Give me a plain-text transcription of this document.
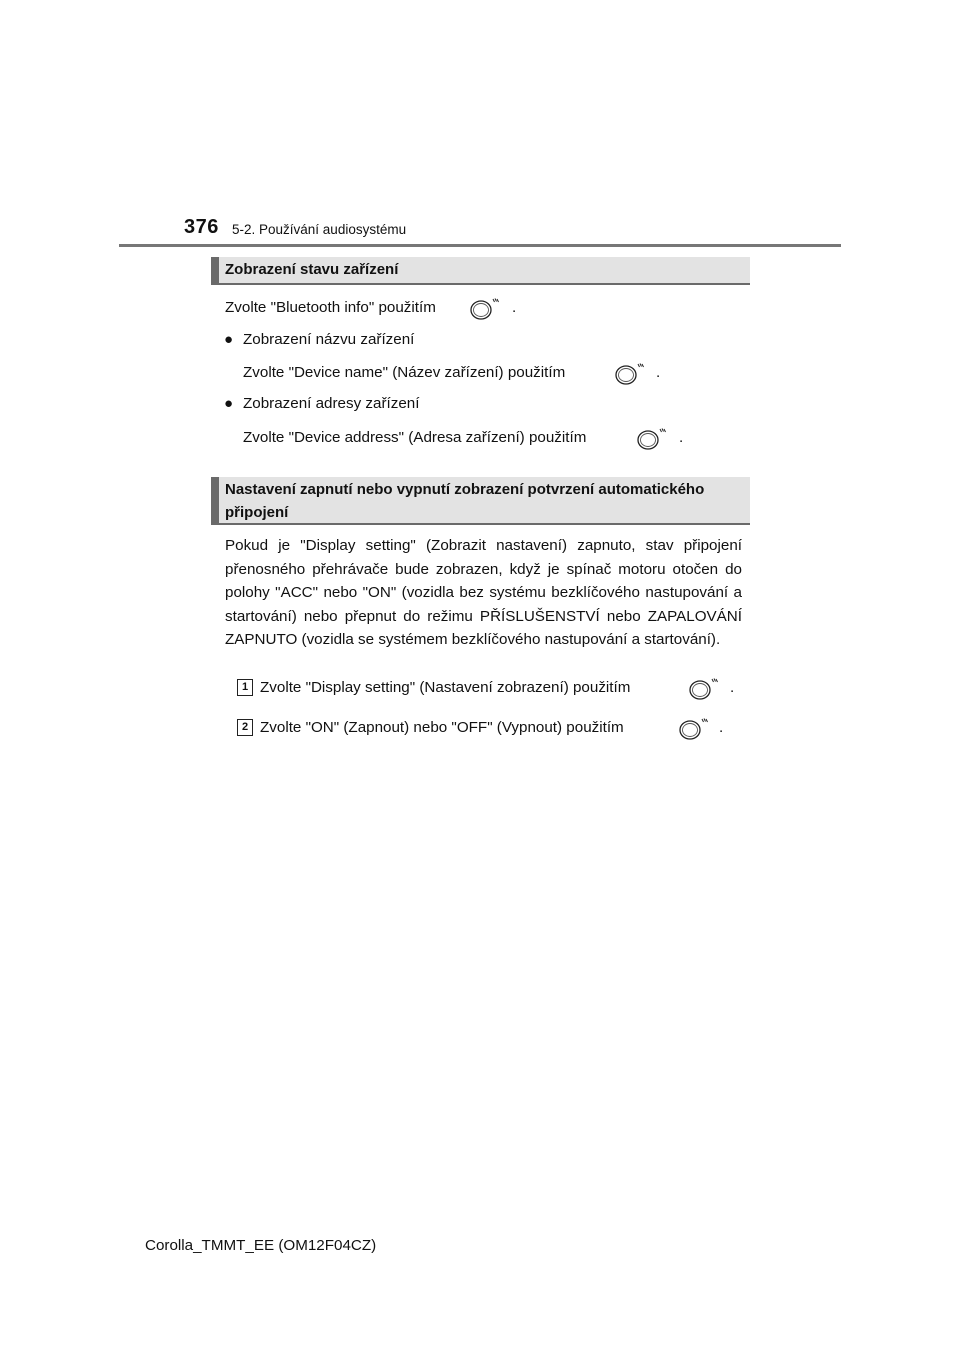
376 5-2. Používání audiosystému
Zobrazení stavu zařízení
Zvolte "Bluetooth info" použitím	.
● Zobrazení názvu zařízení
Zvolte "Device name" (Název zařízení) použitím	.
● Zobrazení adresy zařízení
Zvolte "Device address" (Adresa zařízení) použitím	.
Nastavení zapnutí nebo vypnutí zobrazení potvrzení automatického
připojení
Pokud je "Display setting" (Zobrazit nastavení) zapnuto, stav připojení přenosného přehrávače bude zobrazen, když je spínač motoru otočen do polohy "ACC" nebo "ON" (vozidla bez systému bezklíčového nastupování a startování) nebo přepnut do režimu PŘÍSLUŠENSTVÍ nebo ZAPALOVÁNÍ ZAPNUTO (vozidla se systémem bezklíčového nastupování a startování).
1 Zvolte "Display setting" (Nastavení zobrazení) použitím	.
2 Zvolte "ON" (Zapnout) nebo "OFF" (Vypnout) použitím	.
Corolla_TMMT_EE (OM12F04CZ)
